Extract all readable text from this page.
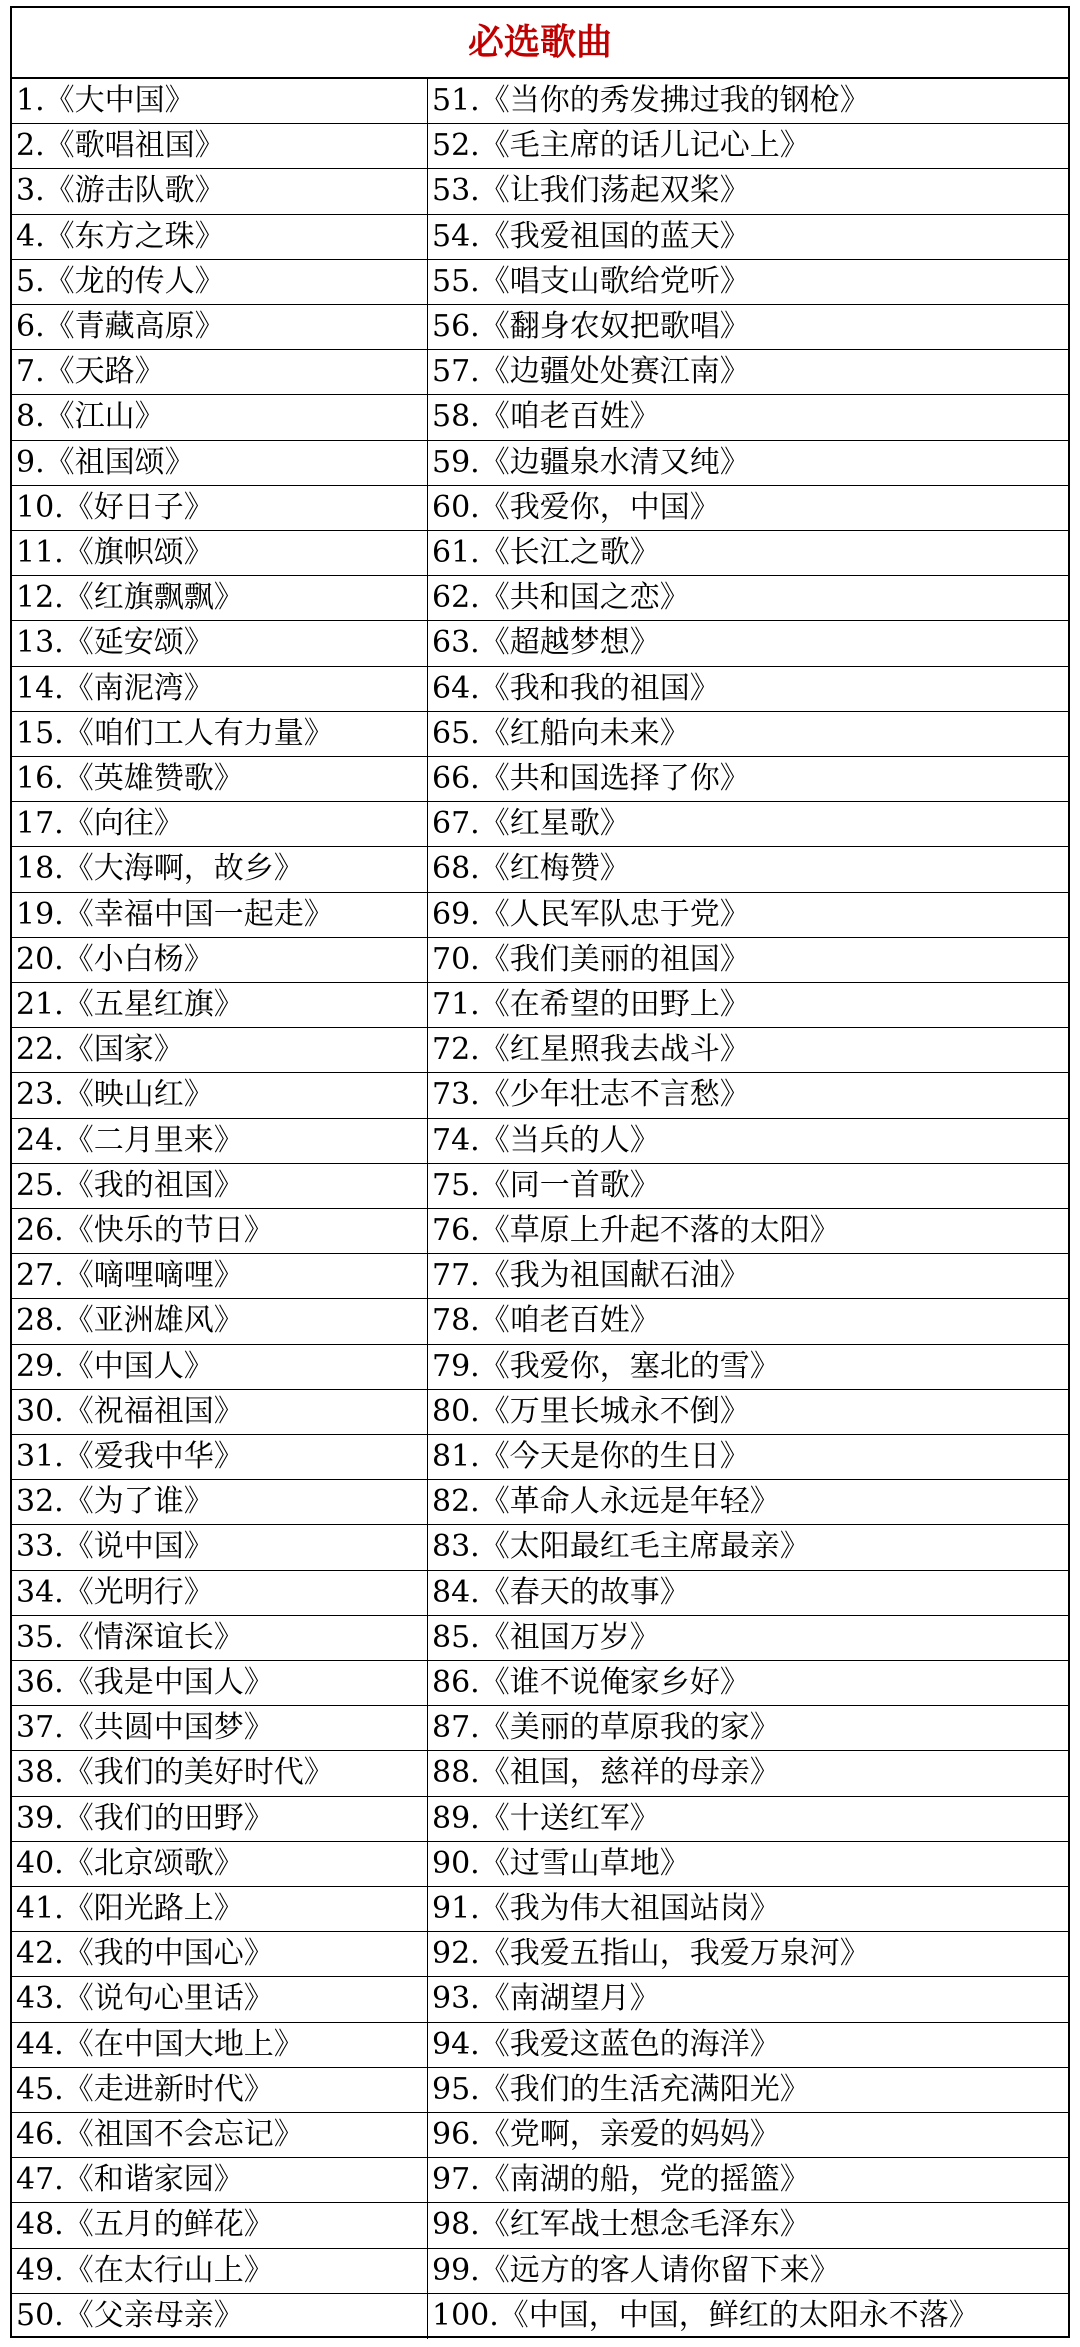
必选歌曲
1.《大中国》	51.《当你的秀发拂过我的钢枪》
2.《歌唱祖国》	52.《毛主席的话儿记心上》
3.《游击队歌》	53.《让我们荡起双桨》
4.《东方之珠》	54.《我爱祖国的蓝天》
5.《龙的传人》	55.《唱支山歌给党听》
6.《青藏高原》	56.《翻身农奴把歌唱》
7.《天路》	57.《边疆处处赛江南》
8.《江山》	58.《咱老百姓》
9.《祖国颂》	59.《边疆泉水清又纯》
10.《好日子》	60.《我爱你，中国》
11.《旗帜颂》	61.《长江之歌》
12.《红旗飘飘》	62.《共和国之恋》
13.《延安颂》	63.《超越梦想》
14.《南泥湾》	64.《我和我的祖国》
15.《咱们工人有力量》	65.《红船向未来》
16.《英雄赞歌》	66.《共和国选择了你》
17.《向往》	67.《红星歌》
18.《大海啊，故乡》	68.《红梅赞》
19.《幸福中国一起走》	69.《人民军队忠于党》
20.《小白杨》	70.《我们美丽的祖国》
21.《五星红旗》	71.《在希望的田野上》
22.《国家》	72.《红星照我去战斗》
23.《映山红》	73.《少年壮志不言愁》
24.《二月里来》	74.《当兵的人》
25.《我的祖国》	75.《同一首歌》
26.《快乐的节日》	76.《草原上升起不落的太阳》
27.《嘀哩嘀哩》	77.《我为祖国献石油》
28.《亚洲雄风》	78.《咱老百姓》
29.《中国人》	79.《我爱你，塞北的雪》
30.《祝福祖国》	80.《万里长城永不倒》
31.《爱我中华》	81.《今天是你的生日》
32.《为了谁》	82.《革命人永远是年轻》
33.《说中国》	83.《太阳最红毛主席最亲》
34.《光明行》	84.《春天的故事》
35.《情深谊长》	85.《祖国万岁》
36.《我是中国人》	86.《谁不说俺家乡好》
37.《共圆中国梦》	87.《美丽的草原我的家》
38.《我们的美好时代》	88.《祖国，慈祥的母亲》
39.《我们的田野》	89.《十送红军》
40.《北京颂歌》	90.《过雪山草地》
41.《阳光路上》	91.《我为伟大祖国站岗》
42.《我的中国心》	92.《我爱五指山，我爱万泉河》
43.《说句心里话》	93.《南湖望月》
44.《在中国大地上》	94.《我爱这蓝色的海洋》
45.《走进新时代》	95.《我们的生活充满阳光》
46.《祖国不会忘记》	96.《党啊，亲爱的妈妈》
47.《和谐家园》	97.《南湖的船，党的摇篮》
48.《五月的鲜花》	98.《红军战士想念毛泽东》
49.《在太行山上》	99.《远方的客人请你留下来》
50.《父亲母亲》	100.《中国，中国，鲜红的太阳永不落》
